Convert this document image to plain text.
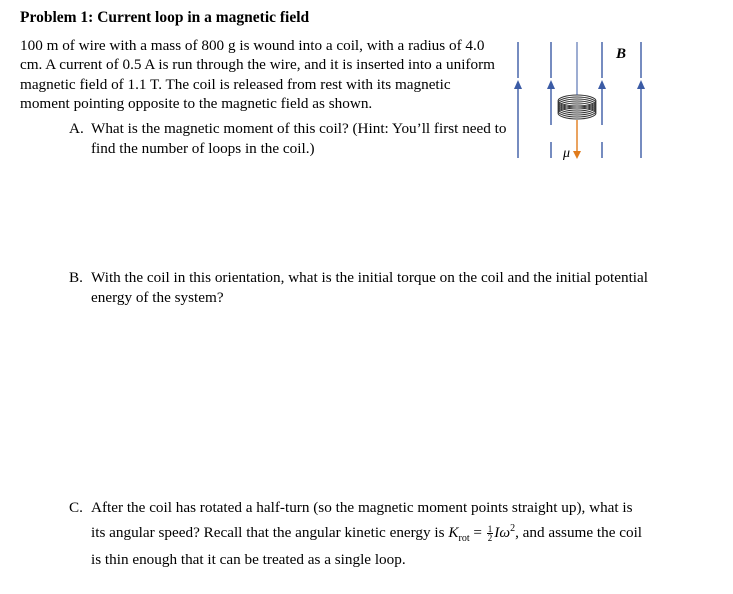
Problem 1: Current loop in a magnetic field
100 m of wire with a mass of 800 g is wound into a coil, with a radius of 4.0 cm. A current of 0.5 A is run through the wire, and it is inserted into a uniform magnetic field of 1.1 T. The coil is released from rest with its magnetic moment pointing opposite to the magnetic field as shown.
A. What is the magnetic moment of this coil? (Hint: You’ll first need to find the number of loops in the coil.)
B. With the coil in this orientation, what is the initial torque on the coil and the initial potential energy of the system?
C. After the coil has rotated a half-turn (so the magnetic moment points straight up), what is its angular speed? Recall that the angular kinetic energy is $K_{rot} = \frac{1}{2} I\omega^2$, and assume the coil is thin enough that it can be treated as a single loop.
B⃗
μ⃗
